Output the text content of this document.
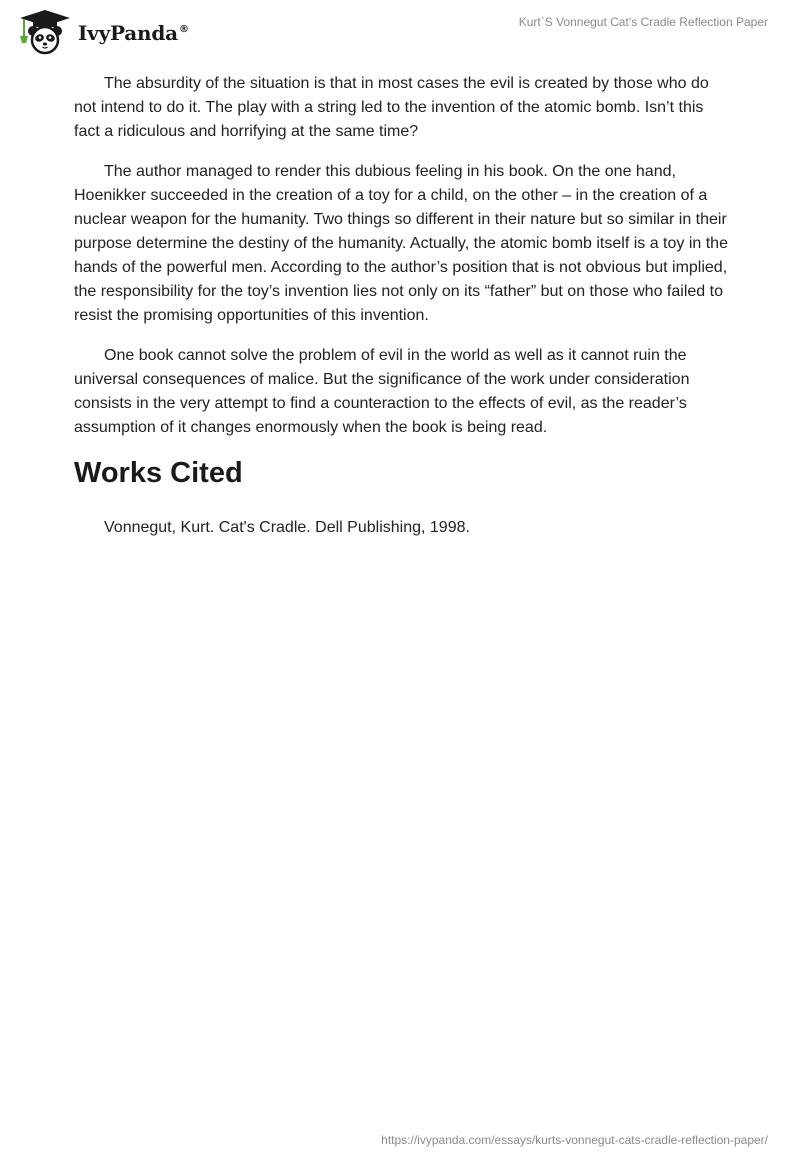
IvyPanda®
Kurt`S Vonnegut Cat’s Cradle Reflection Paper

The absurdity of the situation is that in most cases the evil is created by those who do not intend to do it. The play with a string led to the invention of the atomic bomb. Isn’t this fact a ridiculous and horrifying at the same time?

The author managed to render this dubious feeling in his book. On the one hand, Hoenikker succeeded in the creation of a toy for a child, on the other – in the creation of a nuclear weapon for the humanity. Two things so different in their nature but so similar in their purpose determine the destiny of the humanity. Actually, the atomic bomb itself is a toy in the hands of the powerful men. According to the author’s position that is not obvious but implied, the responsibility for the toy’s invention lies not only on its “father” but on those who failed to resist the promising opportunities of this invention.

One book cannot solve the problem of evil in the world as well as it cannot ruin the universal consequences of malice. But the significance of the work under consideration consists in the very attempt to find a counteraction to the effects of evil, as the reader’s assumption of it changes enormously when the book is being read.

Works Cited

Vonnegut, Kurt. Cat's Cradle. Dell Publishing, 1998.

https://ivypanda.com/essays/kurts-vonnegut-cats-cradle-reflection-paper/
